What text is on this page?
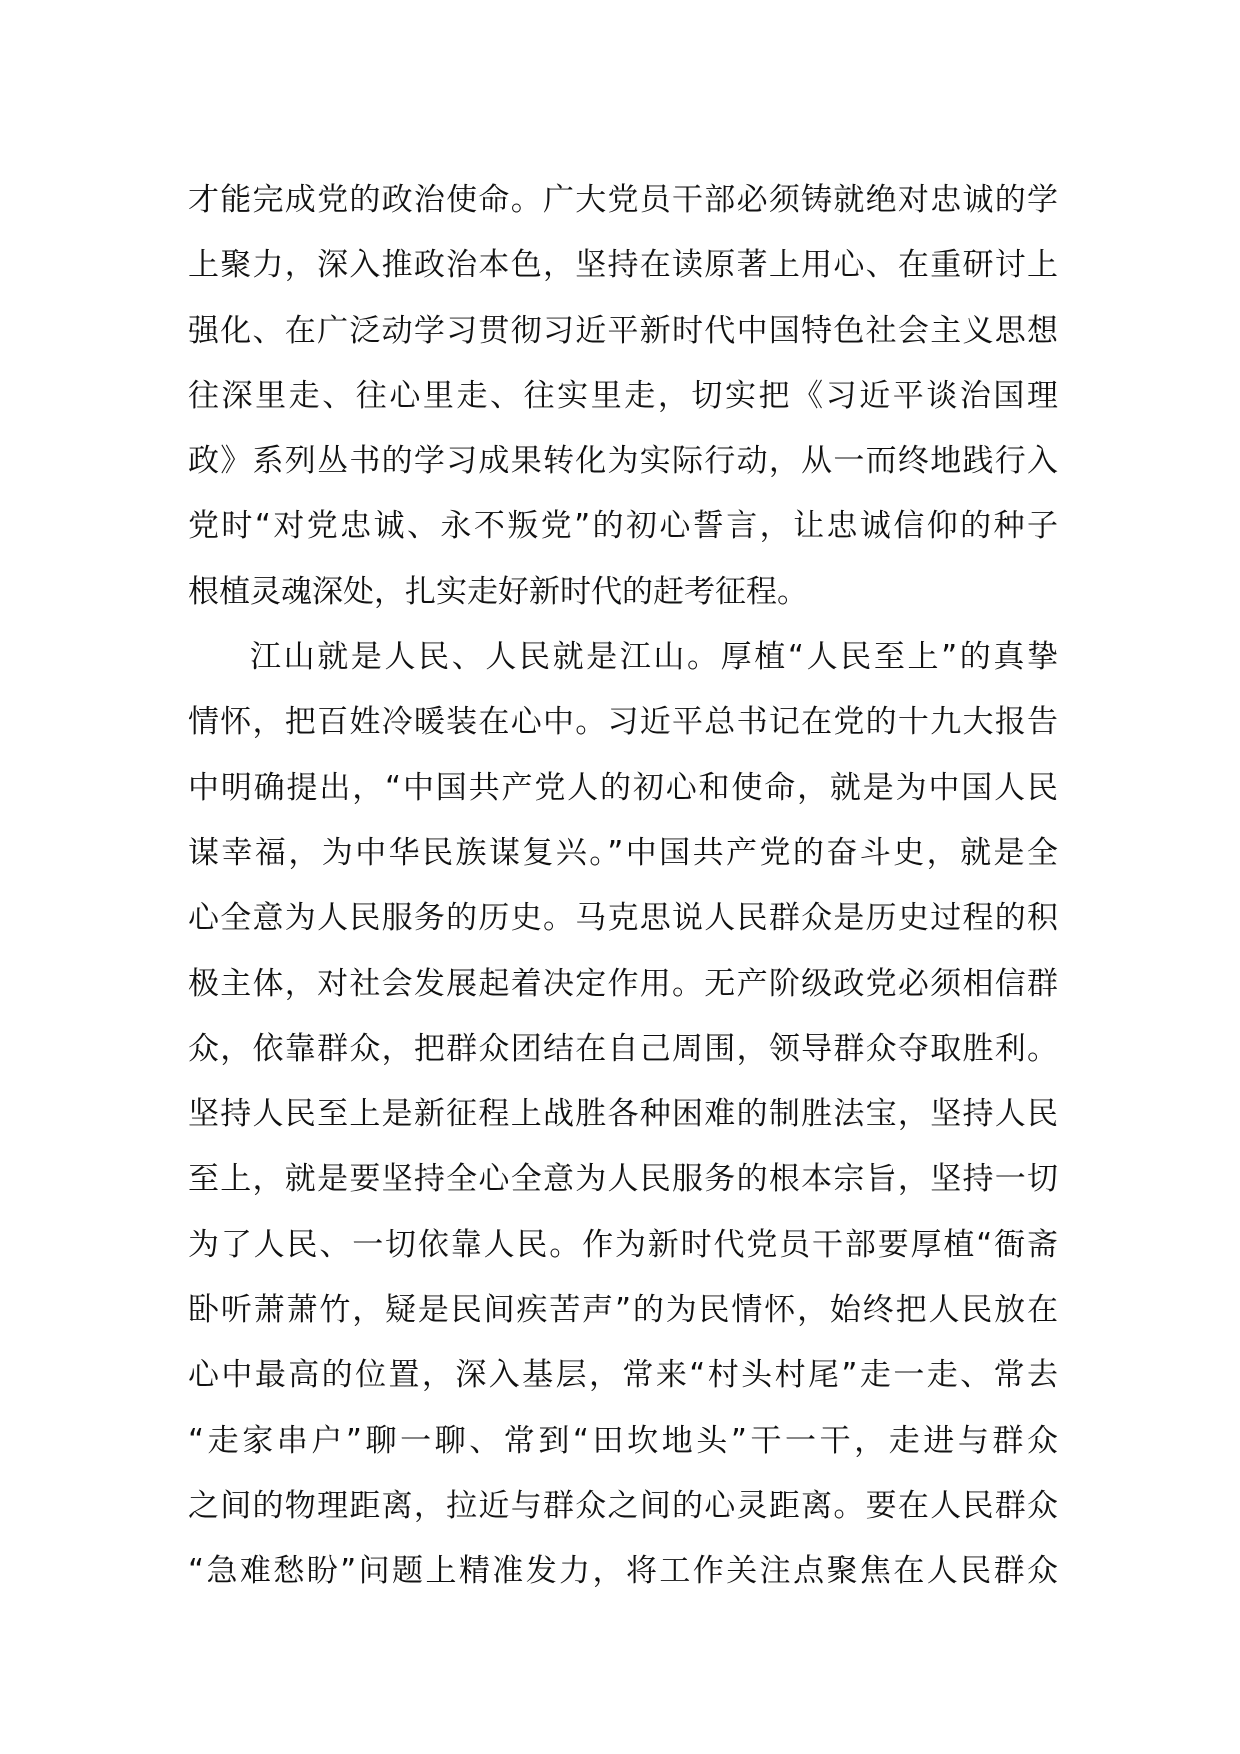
才能完成党的政治使命。广大党员干部必须铸就绝对忠诚的学
上聚力，深入推政治本色，坚持在读原著上用心、在重研讨上
强化、在广泛动学习贯彻习近平新时代中国特色社会主义思想
往深里走、往心里走、往实里走，切实把《习近平谈治国理
政》系列丛书的学习成果转化为实际行动，从一而终地践行入
党时“对党忠诚、永不叛党”的初心誓言，让忠诚信仰的种子
根植灵魂深处，扎实走好新时代的赶考征程。
江山就是人民、人民就是江山。厚植“人民至上”的真挚
情怀，把百姓冷暖装在心中。习近平总书记在党的十九大报告
中明确提出，“中国共产党人的初心和使命，就是为中国人民
谋幸福，为中华民族谋复兴。”中国共产党的奋斗史，就是全
心全意为人民服务的历史。马克思说人民群众是历史过程的积
极主体，对社会发展起着决定作用。无产阶级政党必须相信群
众，依靠群众，把群众团结在自己周围，领导群众夺取胜利。
坚持人民至上是新征程上战胜各种困难的制胜法宝，坚持人民
至上，就是要坚持全心全意为人民服务的根本宗旨，坚持一切
为了人民、一切依靠人民。作为新时代党员干部要厚植“衙斋
卧听萧萧竹，疑是民间疾苦声”的为民情怀，始终把人民放在
心中最高的位置，深入基层，常来“村头村尾”走一走、常去
“走家串户”聊一聊、常到“田坎地头”干一干，走进与群众
之间的物理距离，拉近与群众之间的心灵距离。要在人民群众
“急难愁盼”问题上精准发力，将工作关注点聚焦在人民群众
